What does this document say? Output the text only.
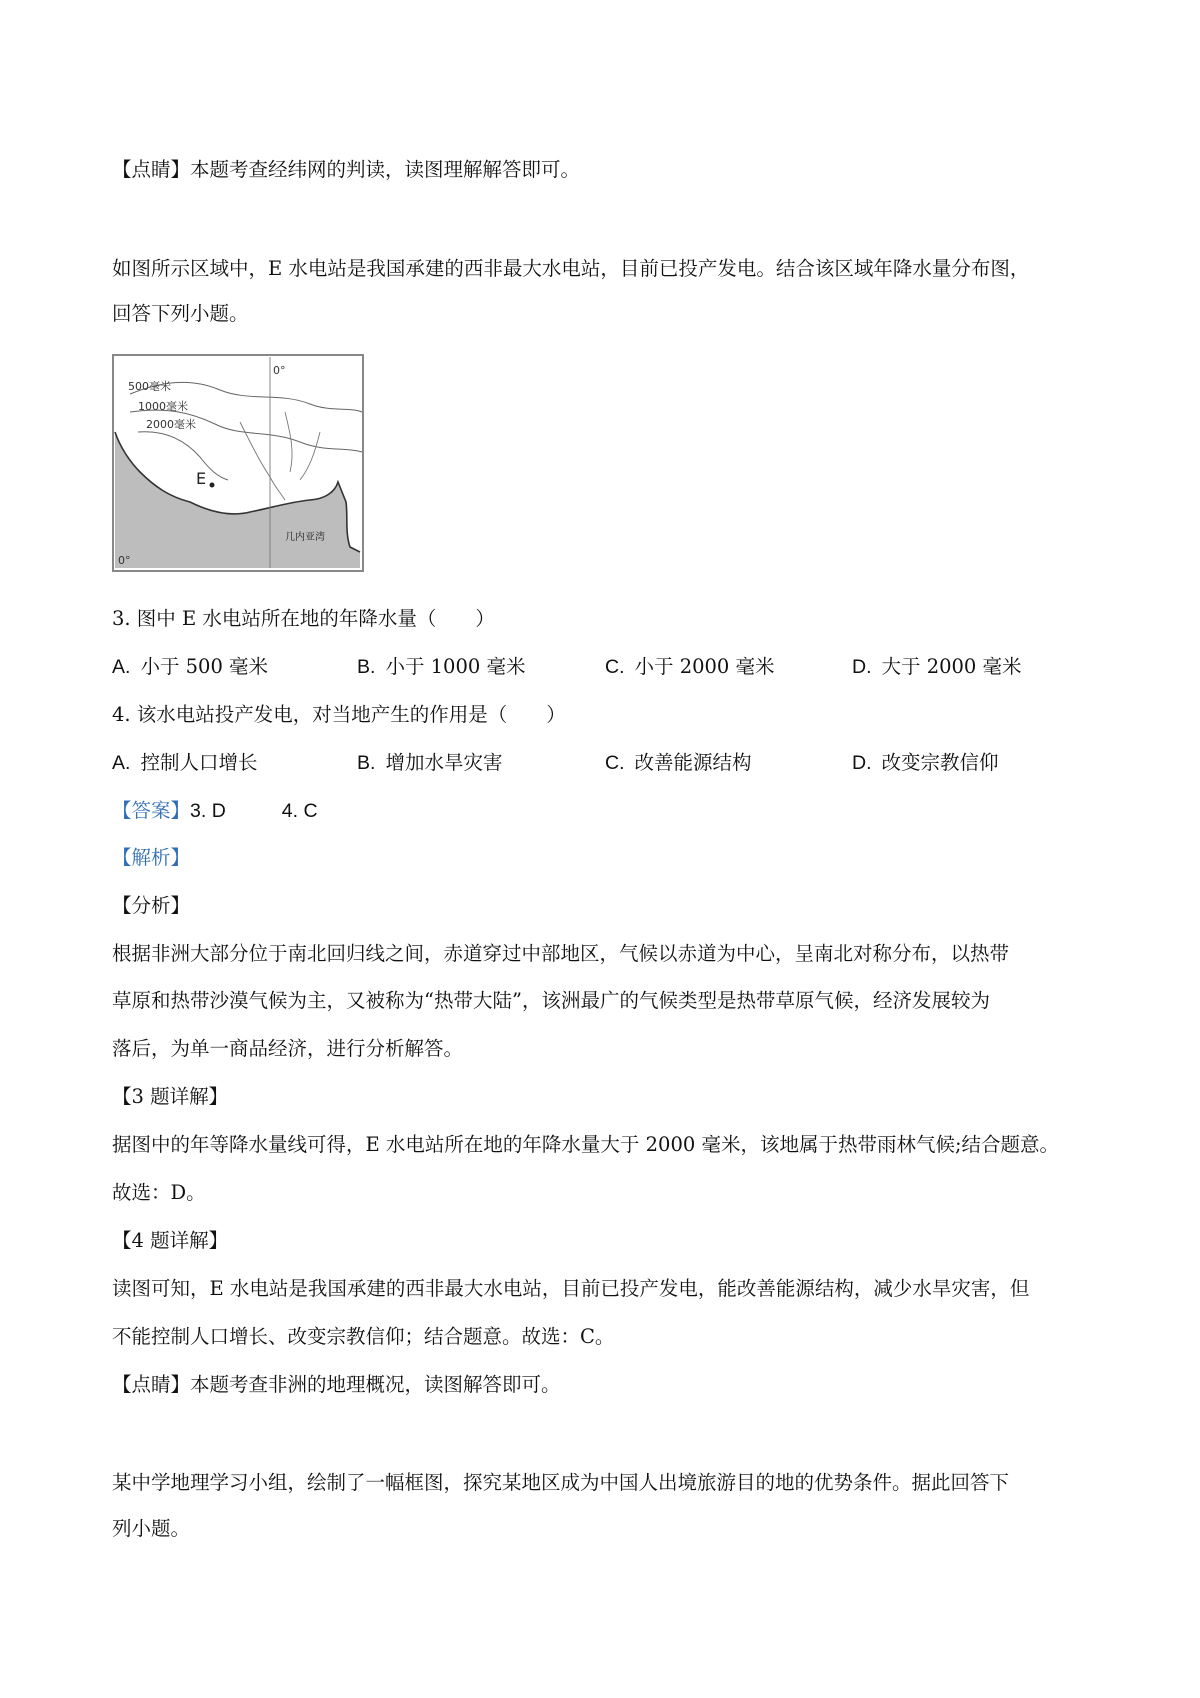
【点睛】本题考查经纬网的判读，读图理解解答即可。
如图所示区域中，E 水电站是我国承建的西非最大水电站，目前已投产发电。结合该区域年降水量分布图，
回答下列小题。
500毫米
1000毫米
2000毫米
E
0°
0°
几内亚湾
3. 图中 E 水电站所在地的年降水量（　　）
A. 小于 500 毫米	B. 小于 1000 毫米	C. 小于 2000 毫米	D. 大于 2000 毫米
4. 该水电站投产发电，对当地产生的作用是（　　）
A. 控制人口增长	B. 增加水旱灾害	C. 改善能源结构	D. 改变宗教信仰
【答案】3. D	4. C
【解析】
【分析】
根据非洲大部分位于南北回归线之间，赤道穿过中部地区，气候以赤道为中心，呈南北对称分布，以热带
草原和热带沙漠气候为主，又被称为“热带大陆”，该洲最广的气候类型是热带草原气候，经济发展较为
落后，为单一商品经济，进行分析解答。
【3 题详解】
据图中的年等降水量线可得，E 水电站所在地的年降水量大于 2000 毫米，该地属于热带雨林气候;结合题意。
故选：D。
【4 题详解】
读图可知，E 水电站是我国承建的西非最大水电站，目前已投产发电，能改善能源结构，减少水旱灾害，但
不能控制人口增长、改变宗教信仰；结合题意。故选：C。
【点睛】本题考查非洲的地理概况，读图解答即可。
某中学地理学习小组，绘制了一幅框图，探究某地区成为中国人出境旅游目的地的优势条件。据此回答下
列小题。
